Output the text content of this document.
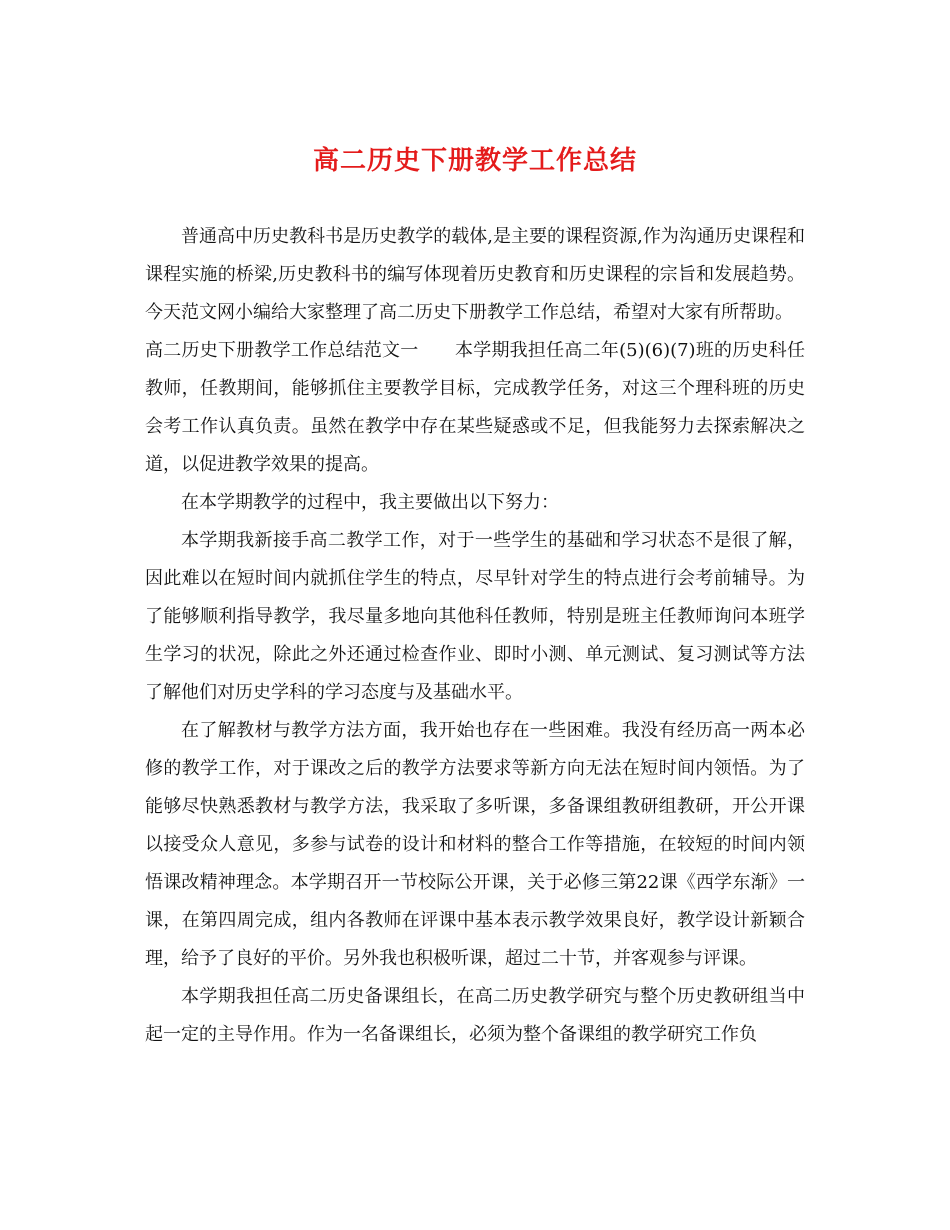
高二历史下册教学工作总结

普通高中历史教科书是历史教学的载体,是主要的课程资源,作为沟通历史课程和课程实施的桥梁,历史教科书的编写体现着历史教育和历史课程的宗旨和发展趋势。今天范文网小编给大家整理了高二历史下册教学工作总结，希望对大家有所帮助。

高二历史下册教学工作总结范文一　　本学期我担任高二年(5)(6)(7)班的历史科任教师，任教期间，能够抓住主要教学目标，完成教学任务，对这三个理科班的历史会考工作认真负责。虽然在教学中存在某些疑惑或不足，但我能努力去探索解决之道，以促进教学效果的提高。

在本学期教学的过程中，我主要做出以下努力：

本学期我新接手高二教学工作，对于一些学生的基础和学习状态不是很了解，因此难以在短时间内就抓住学生的特点，尽早针对学生的特点进行会考前辅导。为了能够顺利指导教学，我尽量多地向其他科任教师，特别是班主任教师询问本班学生学习的状况，除此之外还通过检查作业、即时小测、单元测试、复习测试等方法了解他们对历史学科的学习态度与及基础水平。

在了解教材与教学方法方面，我开始也存在一些困难。我没有经历高一两本必修的教学工作，对于课改之后的教学方法要求等新方向无法在短时间内领悟。为了能够尽快熟悉教材与教学方法，我采取了多听课，多备课组教研组教研，开公开课以接受众人意见，多参与试卷的设计和材料的整合工作等措施，在较短的时间内领悟课改精神理念。本学期召开一节校际公开课，关于必修三第22课《西学东渐》一课，在第四周完成，组内各教师在评课中基本表示教学效果良好，教学设计新颖合理，给予了良好的平价。另外我也积极听课，超过二十节，并客观参与评课。

本学期我担任高二历史备课组长，在高二历史教学研究与整个历史教研组当中起一定的主导作用。作为一名备课组长，必须为整个备课组的教学研究工作负
